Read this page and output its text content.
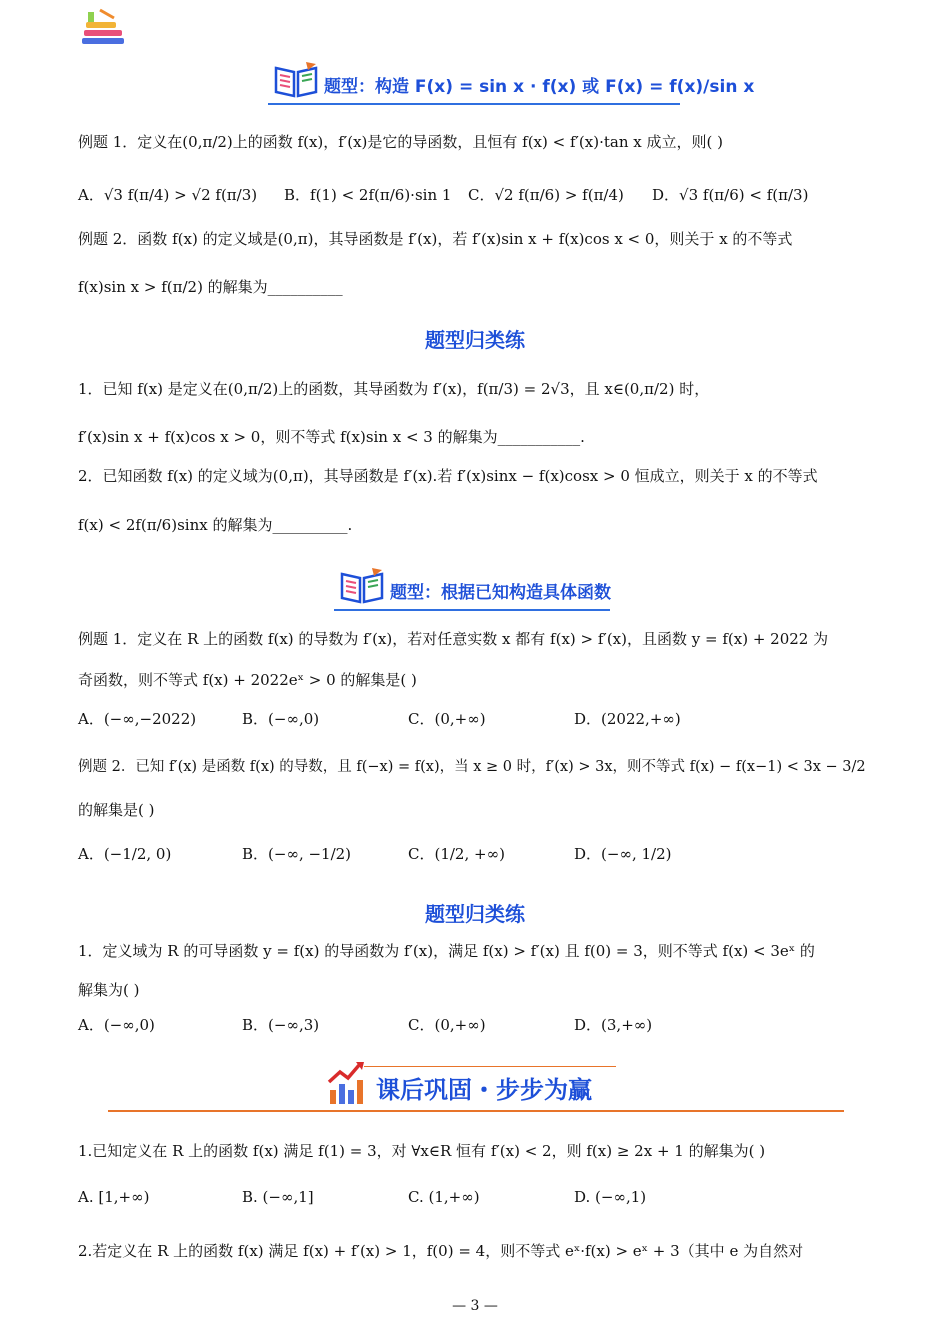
题型：构造 F(x) = sin x · f(x) 或 F(x) = f(x)/sin x
例题 1．定义在(0,π/2)上的函数 f(x)，f′(x)是它的导函数，且恒有 f(x) < f′(x)·tan x 成立，则( )
A．√3 f(π/4) > √2 f(π/3) B．f(1) < 2f(π/6)·sin 1 C．√2 f(π/6) > f(π/4) D．√3 f(π/6) < f(π/3)
例题 2．函数 f(x) 的定义域是(0,π)，其导函数是 f′(x)，若 f′(x)sin x + f(x)cos x < 0，则关于 x 的不等式
f(x)sin x > f(π/2) 的解集为__________
题型归类练
1．已知 f(x) 是定义在(0,π/2)上的函数，其导函数为 f′(x)，f(π/3) = 2√3，且 x∈(0,π/2) 时，
f′(x)sin x + f(x)cos x > 0，则不等式 f(x)sin x < 3 的解集为___________.
2．已知函数 f(x) 的定义域为(0,π)，其导函数是 f′(x).若 f′(x)sinx − f(x)cosx > 0 恒成立，则关于 x 的不等式
f(x) < 2f(π/6)sinx 的解集为__________.
题型：根据已知构造具体函数
例题 1．定义在 R 上的函数 f(x) 的导数为 f′(x)，若对任意实数 x 都有 f(x) > f′(x)，且函数 y = f(x) + 2022 为
奇函数，则不等式 f(x) + 2022eˣ > 0 的解集是( )
A．(−∞,−2022)	B．(−∞,0)	C．(0,+∞)	D．(2022,+∞)
例题 2．已知 f′(x) 是函数 f(x) 的导数，且 f(−x) = f(x)，当 x ≥ 0 时，f′(x) > 3x，则不等式 f(x) − f(x−1) < 3x − 3/2
的解集是( )
A．(−1/2, 0)	B．(−∞, −1/2)	C．(1/2, +∞)	D．(−∞, 1/2)
题型归类练
1．定义域为 R 的可导函数 y = f(x) 的导函数为 f′(x)，满足 f(x) > f′(x) 且 f(0) = 3，则不等式 f(x) < 3eˣ 的
解集为( )
A．(−∞,0)	B．(−∞,3)	C．(0,+∞)	D．(3,+∞)
课后巩固・步步为赢
1.已知定义在 R 上的函数 f(x) 满足 f(1) = 3，对 ∀x∈R 恒有 f′(x) < 2，则 f(x) ≥ 2x + 1 的解集为( )
A. [1,+∞)	B. (−∞,1]	C. (1,+∞)	D. (−∞,1)
2.若定义在 R 上的函数 f(x) 满足 f(x) + f′(x) > 1，f(0) = 4，则不等式 eˣ·f(x) > eˣ + 3（其中 e 为自然对
— 3 —
